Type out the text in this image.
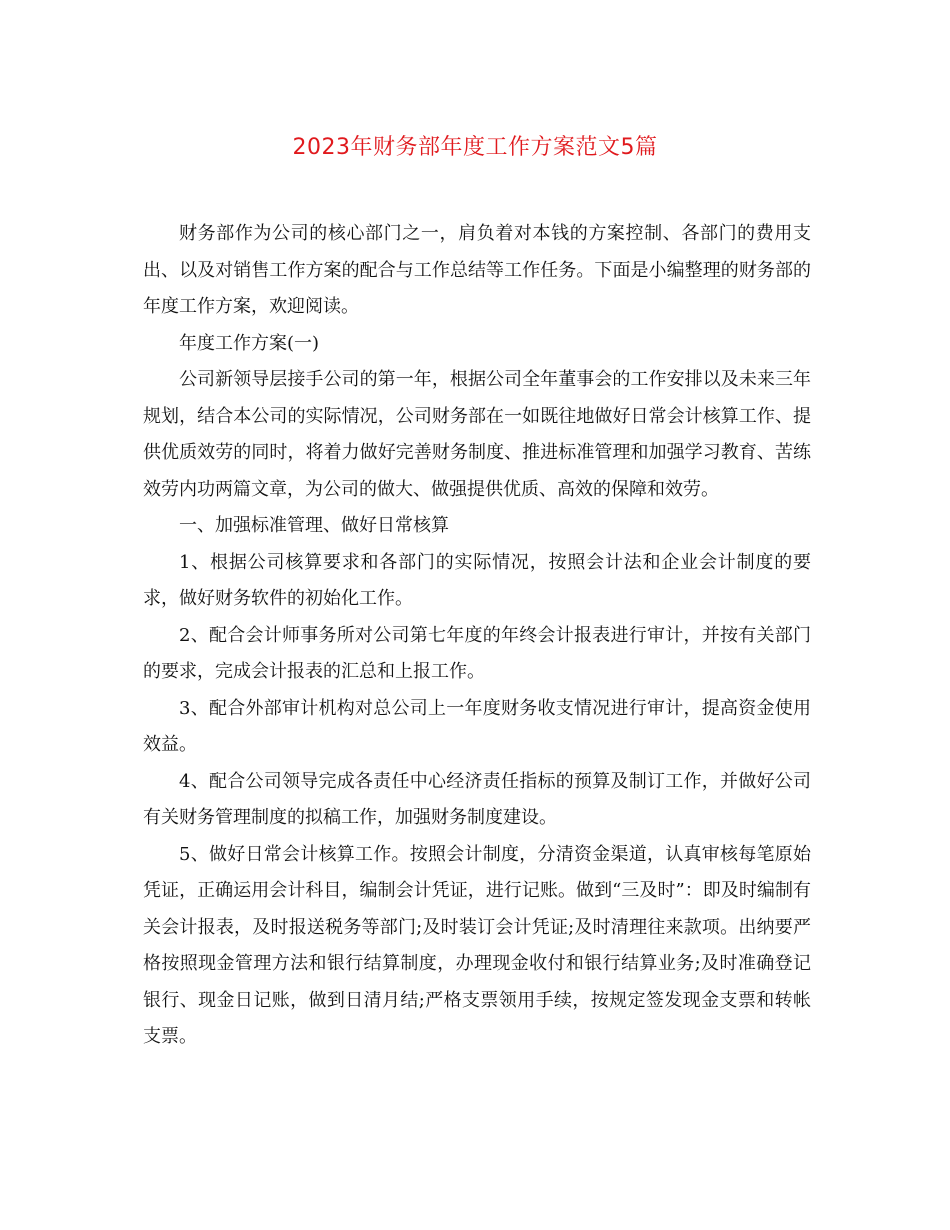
2023年财务部年度工作方案范文5篇

财务部作为公司的核心部门之一，肩负着对本钱的方案控制、各部门的费用支出、以及对销售工作方案的配合与工作总结等工作任务。下面是小编整理的财务部的年度工作方案，欢迎阅读。

年度工作方案(一)

公司新领导层接手公司的第一年，根据公司全年董事会的工作安排以及未来三年规划，结合本公司的实际情况，公司财务部在一如既往地做好日常会计核算工作、提供优质效劳的同时，将着力做好完善财务制度、推进标准管理和加强学习教育、苦练效劳内功两篇文章，为公司的做大、做强提供优质、高效的保障和效劳。

一、加强标准管理、做好日常核算

1、根据公司核算要求和各部门的实际情况，按照会计法和企业会计制度的要求，做好财务软件的初始化工作。

2、配合会计师事务所对公司第七年度的年终会计报表进行审计，并按有关部门的要求，完成会计报表的汇总和上报工作。

3、配合外部审计机构对总公司上一年度财务收支情况进行审计，提高资金使用效益。

4、配合公司领导完成各责任中心经济责任指标的预算及制订工作，并做好公司有关财务管理制度的拟稿工作，加强财务制度建设。

5、做好日常会计核算工作。按照会计制度，分清资金渠道，认真审核每笔原始凭证，正确运用会计科目，编制会计凭证，进行记账。做到“三及时”：即及时编制有关会计报表，及时报送税务等部门;及时装订会计凭证;及时清理往来款项。出纳要严格按照现金管理方法和银行结算制度，办理现金收付和银行结算业务;及时准确登记银行、现金日记账，做到日清月结;严格支票领用手续，按规定签发现金支票和转帐支票。
